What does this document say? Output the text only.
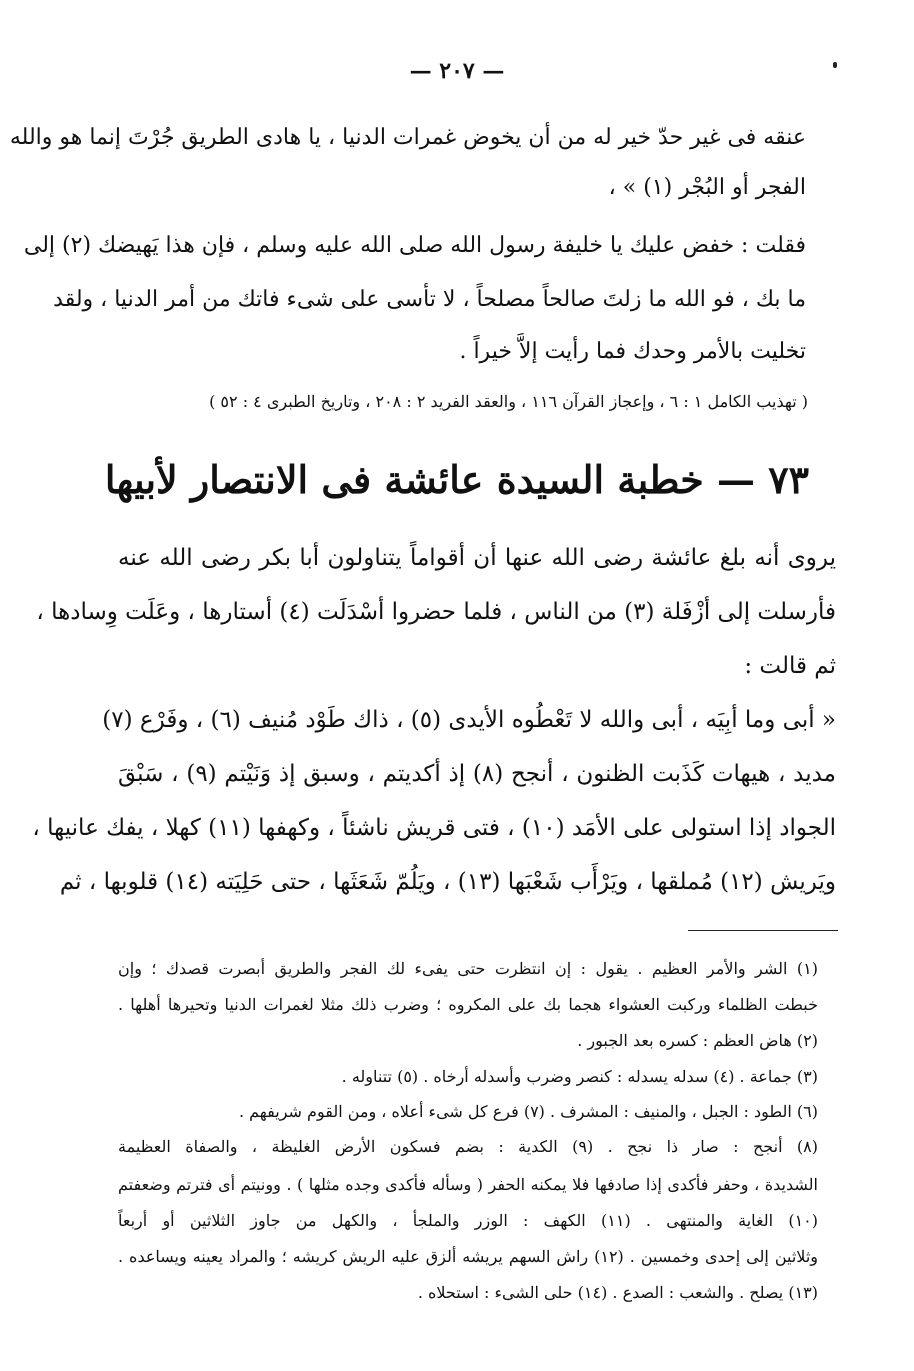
— ٢٠٧ —
عنقه فى غير حدّ خير له من أن يخوض غمرات الدنيا ، يا هادى الطريق جُرْتَ إنما هو والله
الفجر أو البُجْر (١) » ،
فقلت : خفض عليك يا خليفة رسول الله صلى الله عليه وسلم ، فإن هذا يَهيضك (٢) إلى
ما بك ، فو الله ما زلتَ صالحاً مصلحاً ، لا تأسى على شىء فاتك من أمر الدنيا ، ولقد
تخليت بالأمر وحدك فما رأيت إلاَّ خيراً .
( تهذيب الكامل ١ : ٦ ، وإعجاز القرآن ١١٦ ، والعقد الفريد ٢ : ٢٠٨ ، وتاريخ الطبرى ٤ : ٥٢ )
٧٣ — خطبة السيدة عائشة فى الانتصار لأبيها
يروى أنه بلغ عائشة رضى الله عنها أن أقواماً يتناولون أبا بكر رضى الله عنه
فأرسلت إلى أزْفَلة (٣) من الناس ، فلما حضروا أسْدَلَت (٤) أستارها ، وعَلَت وِسادها ،
ثم قالت :
« أبى وما أبِيَه ، أبى والله لا تَعْطُوه الأيدى (٥) ، ذاك طَوْد مُنيف (٦) ، وفَرْع (٧)
مديد ، هيهات كَذَبت الظنون ، أنجح (٨) إذ أكديتم ، وسبق إذ وَنَيْتم (٩) ، سَبْقَ
الجواد إذا استولى على الأمَد (١٠) ، فتى قريش ناشئاً ، وكهفها (١١) كهلا ، يفك عانيها ،
ويَريش (١٢) مُملقها ، ويَرْأَب شَعْبَها (١٣) ، ويَلُمّ شَعَثَها ، حتى حَلِيَته (١٤) قلوبها ، ثم
(١) الشر والأمر العظيم . يقول : إن انتظرت حتى يفىء لك الفجر والطريق أبصرت قصدك ؛ وإن
خبطت الظلماء وركبت العشواء هجما بك على المكروه ؛ وضرب ذلك مثلا لغمرات الدنيا وتحيرها أهلها .
(٢) هاض العظم : كسره بعد الجبور .
(٣) جماعة . (٤) سدله يسدله : كنصر وضرب وأسدله أرخاه . (٥) تتناوله .
(٦) الطود : الجبل ، والمنيف : المشرف . (٧) فرع كل شىء أعلاه ، ومن القوم شريفهم .
(٨) أنجح : صار ذا نجح . (٩) الكدية : بضم فسكون الأرض الغليظة ، والصفاة العظيمة
الشديدة ، وحفر فأكدى إذا صادفها فلا يمكنه الحفر ( وسأله فأكدى وجده مثلها ) . وونيتم أى فترتم وضعفتم
(١٠) الغاية والمنتهى . (١١) الكهف : الوزر والملجأ ، والكهل من جاوز الثلاثين أو أربعاً
وثلاثين إلى إحدى وخمسين . (١٢) راش السهم يريشه ألزق عليه الريش كريشه ؛ والمراد يعينه ويساعده .
(١٣) يصلح . والشعب : الصدع . (١٤) حلى الشىء : استحلاه .
